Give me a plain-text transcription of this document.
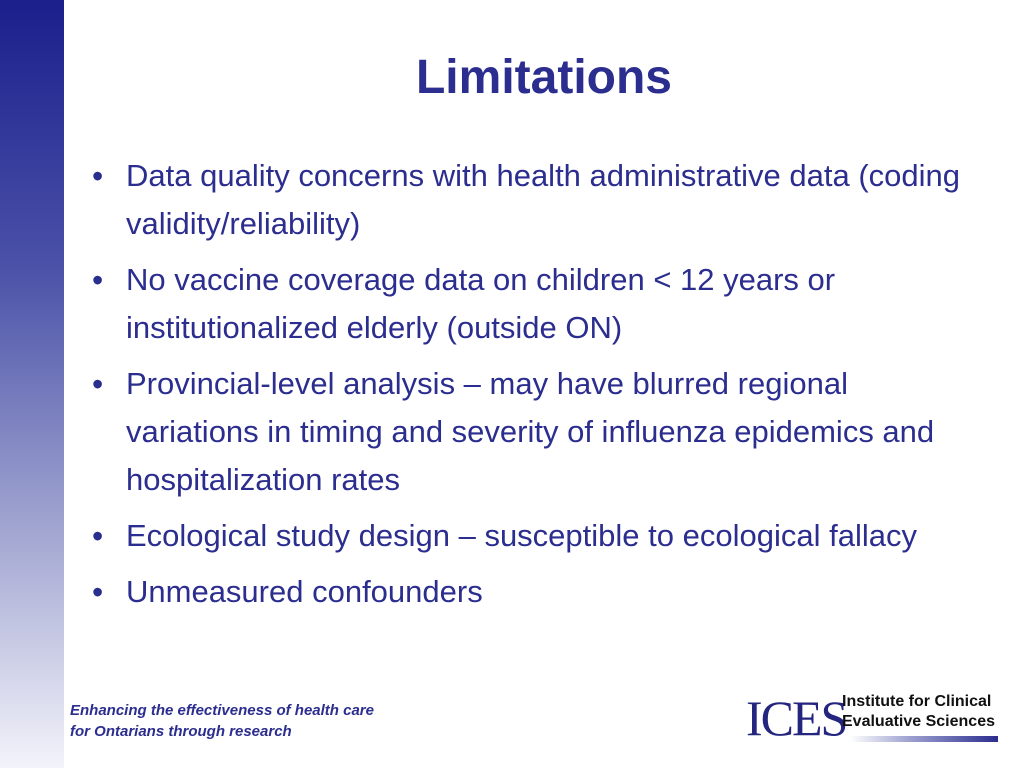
Limitations
• Data quality concerns with health administrative data (coding validity/reliability)
• No vaccine coverage data on children < 12 years or institutionalized elderly (outside ON)
• Provincial-level analysis – may have blurred regional variations in timing and severity of influenza epidemics and hospitalization rates
• Ecological study design – susceptible to ecological fallacy
• Unmeasured confounders
Enhancing the effectiveness of health care
for Ontarians through research	ICES
Institute for Clinical
Evaluative Sciences
